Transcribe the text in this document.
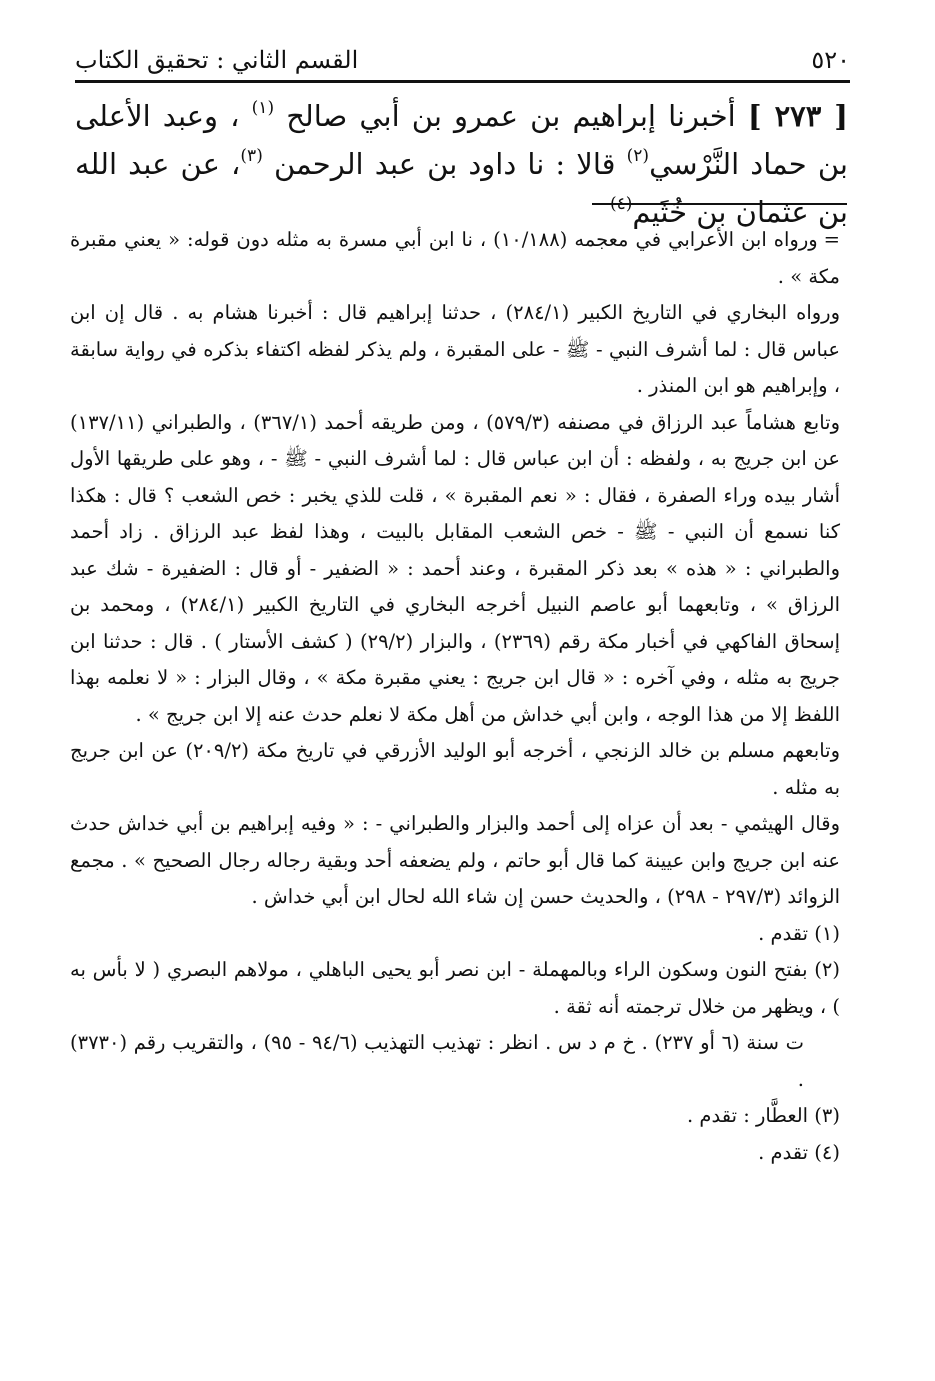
٥٢٠
القسم الثاني : تحقيق الكتاب

[ ٢٧٣ ] أخبرنا إبراهيم بن عمرو بن أبي صالح $^{(١)}$ ، وعبد الأعلى بن حماد النَّرْسي$^{(٢)}$ قالا : نا داود بن عبد الرحمن $^{(٣)}$، عن عبد الله بن عثمان بن خُثَيم$^{(٤)}$

=ورواه ابن الأعرابي في معجمه (١٠/١٨٨) ، نا ابن أبي مسرة به مثله دون قوله: « يعني مقبرة مكة » .

ورواه البخاري في التاريخ الكبير (٢٨٤/١) ، حدثنا إبراهيم قال : أخبرنا هشام به . قال إن ابن عباس قال : لما أشرف النبي - ﷺ - على المقبرة ، ولم يذكر لفظه اكتفاء بذكره في رواية سابقة ، وإبراهيم هو ابن المنذر .

وتابع هشاماً عبد الرزاق في مصنفه (٥٧٩/٣) ، ومن طريقه أحمد (٣٦٧/١) ، والطبراني (١٣٧/١١) عن ابن جريج به ، ولفظه : أن ابن عباس قال : لما أشرف النبي - ﷺ - ، وهو على طريقها الأول أشار بيده وراء الصفرة ، فقال : « نعم المقبرة » ، قلت للذي يخبر : خص الشعب ؟ قال : هكذا كنا نسمع أن النبي - ﷺ - خص الشعب المقابل بالبيت ، وهذا لفظ عبد الرزاق . زاد أحمد والطبراني : « هذه » بعد ذكر المقبرة ، وعند أحمد : « الضفير - أو قال : الضفيرة - شك عبد الرزاق » ، وتابعهما أبو عاصم النبيل أخرجه البخاري في التاريخ الكبير (٢٨٤/١) ، ومحمد بن إسحاق الفاكهي في أخبار مكة رقم (٢٣٦٩) ، والبزار (٢٩/٢) ( كشف الأستار ) . قال : حدثنا ابن جريج به مثله ، وفي آخره : « قال ابن جريج : يعني مقبرة مكة » ، وقال البزار : « لا نعلمه بهذا اللفظ إلا من هذا الوجه ، وابن أبي خداش من أهل مكة لا نعلم حدث عنه إلا ابن جريج » .

وتابعهم مسلم بن خالد الزنجي ، أخرجه أبو الوليد الأزرقي في تاريخ مكة (٢٠٩/٢) عن ابن جريج به مثله .

وقال الهيثمي - بعد أن عزاه إلى أحمد والبزار والطبراني - : « وفيه إبراهيم بن أبي خداش حدث عنه ابن جريج وابن عيينة كما قال أبو حاتم ، ولم يضعفه أحد وبقية رجاله رجال الصحيح » . مجمع الزوائد (٢٩٧/٣ - ٢٩٨) ، والحديث حسن إن شاء الله لحال ابن أبي خداش .

(١) تقدم .

(٢) بفتح النون وسكون الراء وبالمهملة - ابن نصر أبو يحيى الباهلي ، مولاهم البصري ( لا بأس به ) ، ويظهر من خلال ترجمته أنه ثقة .

ت سنة (٦ أو ٢٣٧) . خ م د س . انظر : تهذيب التهذيب (٩٤/٦ - ٩٥) ، والتقريب رقم (٣٧٣٠) .

(٣) العطَّار : تقدم .

(٤) تقدم .
